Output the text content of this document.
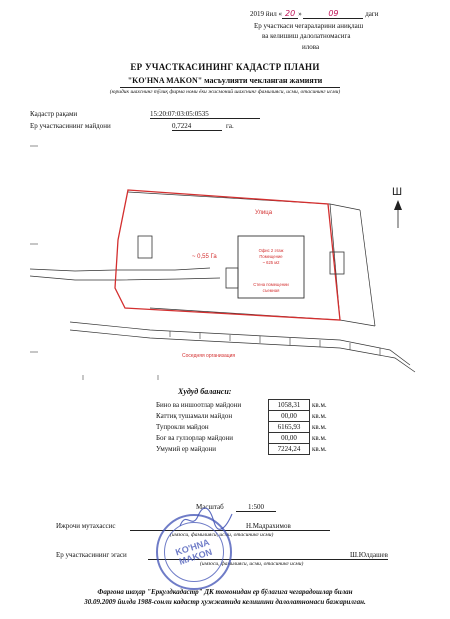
2019 йил « 20 »	09	даги
Ер участкаси чегараларини аниқлаш
ва келишиш далолатномасига
илова
ЕР УЧАСТКАСИНИНГ КАДАСТР ПЛАНИ
"KO'HNA MAKON" масъулияти чекланган жамияти
(юридик шахснинг тўлиқ фирма номи ёки жисмоний шахснинг фамилияси, исми, отасининг исми)
Кадастр рақами	15:20:07:03:05:0535
Ер участкасининг майдони	0,7224	га.
Ш
Улица
~ 0,55 Га
Офис 2 этаж
Помещение
~ 625 м2
Стена помещении
съемная
Соседняя организация
Худуд баланси:
Бино ва иншоотлар майдони	1058,31	кв.м.
Каттиқ тушамали майдон	00,00	кв.м.
Тупрокли майдон	6165,93	кв.м.
Боғ ва гулзорлар майдони	00,00	кв.м.
Умумий ер майдони	7224,24	кв.м.
Масштаб	1:500
Ижрочи мутахассис	Н.Мадрахимов
(имзоси, фамилияси, исми, отасининг исми)
Ер участкасининг эгаси	Ш.Юлдашев
(имзоси, фамилияси, исми, отасининг исми)
KO'HNA MAKON
Фарғона шаҳар "Ерқулдкадастр" ДК томонидан ер бўлагига чегарадошлар билан
30.09.2009 йилда 1988-сонли кадастр ҳужжатида келишини далолатномаси бажарилган.
